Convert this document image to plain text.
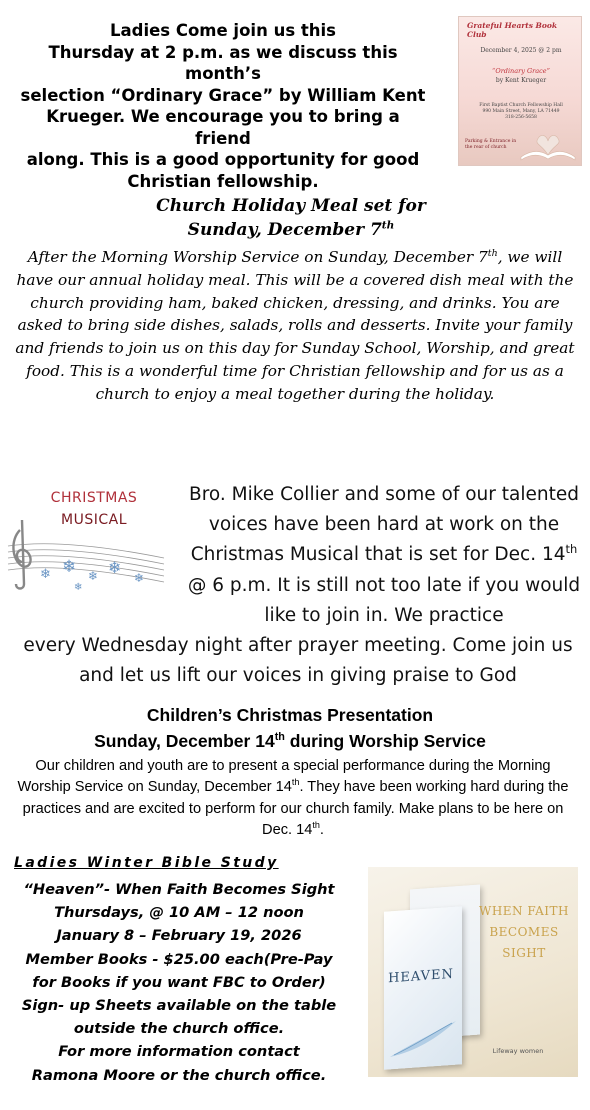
Ladies Come join us this
Thursday at 2 p.m. as we discuss this month’s
selection “Ordinary Grace” by William Kent
Krueger. We encourage you to bring a friend
along. This is a good opportunity for good
Christian fellowship.
Grateful Hearts Book Club
December 4, 2025 @ 2 pm
“Ordinary Grace”
by Kent Krueger
First Baptist Church Fellowship Hall
990 Main Street, Many, LA 71449
318-256-5658
Parking & Entrance in
the rear of church
Church Holiday Meal set for
Sunday, December 7th
After the Morning Worship Service on Sunday, December 7th, we will have our annual holiday meal. This will be a covered dish meal with the church providing ham, baked chicken, dressing, and drinks. You are asked to bring side dishes, salads, rolls and desserts. Invite your family and friends to join us on this day for Sunday School, Worship, and great food. This is a wonderful time for Christian fellowship and for us as a church to enjoy a meal together during the holiday.
❄ ❄ ❄ ❄
❄
❄
CHRISTMAS
MUSICAL
Bro. Mike Collier and some of our talented voices have been hard at work on the Christmas Musical that is set for Dec. 14th @ 6 p.m. It is still not too late if you would like to join in. We practice
every Wednesday night after prayer meeting. Come join us and let us lift our voices in giving praise to God
Children’s Christmas Presentation
Sunday, December 14th during Worship Service
Our children and youth are to present a special performance during the Morning Worship Service on Sunday, December 14th. They have been working hard during the practices and are excited to perform for our church family. Make plans to be here on Dec. 14th.
Ladies Winter Bible Study
“Heaven”- When Faith Becomes Sight
Thursdays, @ 10 AM – 12 noon
January 8 – February 19, 2026
Member Books - $25.00 each(Pre-Pay
for Books if you want FBC to Order)
Sign- up Sheets available on the table
outside the church office.
For more information contact
Ramona Moore or the church office.
HEAVEN
WHEN FAITH
BECOMES SIGHT
Lifeway women
